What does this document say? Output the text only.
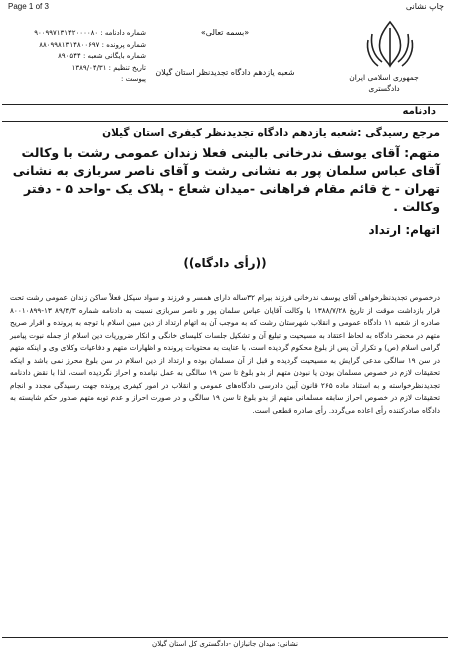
Page 1 of 3	چاپ نشانی
جمهوری اسلامی ایران
دادگستری
«بسمه تعالی»
شعبه یازدهم دادگاه تجدیدنظر استان گیلان
شماره دادنامه : ۹۰۰۹۹۷۱۳۱۴۲۰۰۰۰۸۰
شماره پرونده : ۸۸۰۹۹۸۱۳۱۴۸۰۰۶۹۷
شماره بایگانی شعبه : ۸۹۰۵۴۴
تاریخ تنظیم : ۱۳۸۹/۰۴/۳۱
پیوست :
دادنامه
مرجع رسیدگی :شعبه یازدهم دادگاه تجدیدنظر کیفری استان گیلان
متهم: آقای یوسف ندرخانی بالینی فعلا زندان عمومی رشت با وکالت آقای عباس سلمان پور به نشانی رشت و آقای ناصر سربازی به نشانی تهران - خ قائم مقام فراهانی -میدان شعاع - پلاک یک -واحد ۵ - دفتر وکالت .
اتهام: ارتداد
((رأی دادگاه))
درخصوص تجدیدنظرخواهی آقای یوسف ندرخانی فرزند بیرام ۳۲ساله دارای همسر و فرزند و سواد سیکل فعلاً ساکن زندان عمومی رشت تحت قرار بازداشت موقت از تاریخ ۱۳۸۸/۷/۲۸ با وکالت آقایان عباس سلمان پور و ناصر سربازی نسبت به دادنامه شماره ۸۹/۴/۳ ۱۳-۸۰۰۱۰۸۹۹ صادره از شعبه ۱۱ دادگاه عمومی و انقلاب شهرستان رشت که به موجب آن به اتهام ارتداد از دین مبین اسلام با توجه به پرونده و اقرار صریح متهم در محضر دادگاه به لحاظ اعتقاد به مسیحیت و تبلیغ آن و تشکیل جلسات کلیسای خانگی و انکار ضروریات دین اسلام از جمله نبوت پیامبر گرامی اسلام (ص) و تکرار آن پس از بلوغ محکوم گردیده است، با عنایت به محتویات پرونده و اظهارات متهم و دفاعیات وکلای وی و اینکه متهم در سن ۱۹ سالگی مدعی گرایش به مسیحیت گردیده و قبل از آن مسلمان بوده و ارتداد از دین اسلام در سن بلوغ محرز نمی باشد و اینکه تحقیقات لازم در خصوص مسلمان بودن یا نبودن متهم از بدو بلوغ تا سن ۱۹ سالگی به عمل نیامده و احراز نگردیده است، لذا با نقض دادنامه تجدیدنظرخواسته و به استناد ماده ۲۶۵ قانون آیین دادرسی دادگاه‌های عمومی و انقلاب در امور کیفری پرونده جهت رسیدگی مجدد و انجام تحقیقات لازم در خصوص احراز سابقه مسلمانی متهم از بدو بلوغ تا سن ۱۹ سالگی و در صورت احراز و عدم توبه متهم صدور حکم شایسته به دادگاه صادرکننده رأی اعاده می‌گردد. رأی صادره قطعی است.
نشانی: میدان جانبازان -دادگستری کل استان گیلان
